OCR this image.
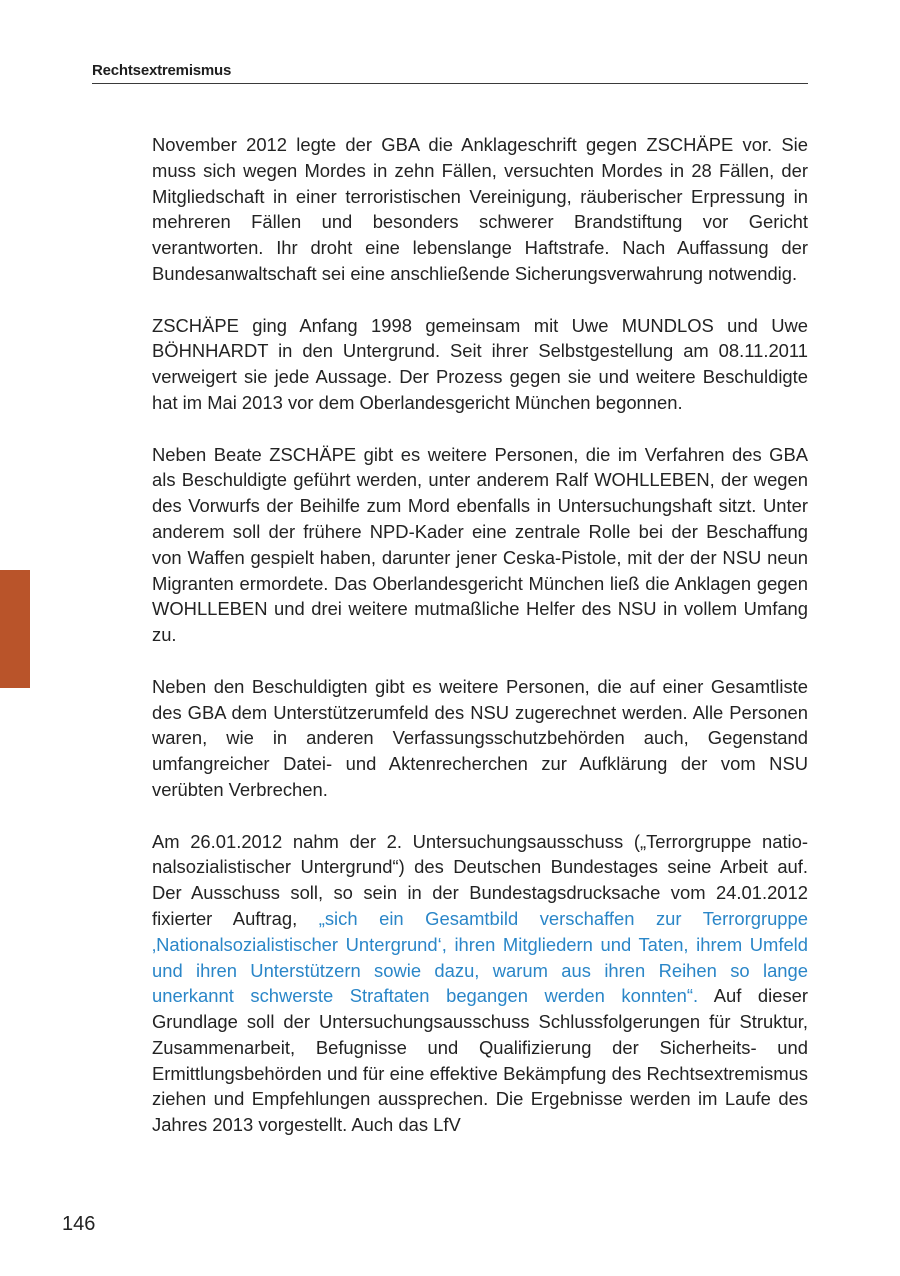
Rechtsextremismus

November 2012 legte der GBA die Anklageschrift gegen ZSCHÄPE vor. Sie muss sich wegen Mordes in zehn Fällen, versuchten Mordes in 28 Fällen, der Mitgliedschaft in einer terroristischen Vereinigung, räuberischer Erpressung in mehreren Fällen und besonders schwerer Brandstiftung vor Gericht verantworten. Ihr droht eine lebenslange Haftstrafe. Nach Auffassung der Bundesanwaltschaft sei eine anschließende Sicherungsverwahrung notwendig.

ZSCHÄPE ging Anfang 1998 gemeinsam mit Uwe MUNDLOS und Uwe BÖHNHARDT in den Untergrund. Seit ihrer Selbstgestellung am 08.11.2011 verweigert sie jede Aussage. Der Prozess gegen sie und weitere Beschuldigte hat im Mai 2013 vor dem Oberlandesgericht München begonnen.

Neben Beate ZSCHÄPE gibt es weitere Personen, die im Verfahren des GBA als Beschuldigte geführt werden, unter anderem Ralf WOHLLEBEN, der wegen des Vorwurfs der Beihilfe zum Mord ebenfalls in Untersuchungshaft sitzt. Unter anderem soll der frühere NPD-Kader eine zentrale Rolle bei der Beschaffung von Waffen gespielt haben, darunter jener Ceska-Pistole, mit der der NSU neun Migranten ermordete. Das Oberlandesgericht München ließ die Anklagen gegen WOHLLEBEN und drei weitere mutmaßliche Helfer des NSU in vollem Umfang zu.

Neben den Beschuldigten gibt es weitere Personen, die auf einer Gesamtliste des GBA dem Unterstützerumfeld des NSU zugerechnet werden. Alle Personen waren, wie in anderen Verfassungsschutzbehörden auch, Gegenstand umfangreicher Datei- und Aktenrecherchen zur Aufklärung der vom NSU verübten Verbrechen.

Am 26.01.2012 nahm der 2. Untersuchungsausschuss („Terrorgruppe nationalsozialistischer Untergrund“) des Deutschen Bundestages seine Arbeit auf. Der Ausschuss soll, so sein in der Bundestagsdrucksache vom 24.01.2012 fixierter Auftrag, „sich ein Gesamtbild verschaffen zur Terrorgruppe ‚Nationalsozialistischer Untergrund‘, ihren Mitgliedern und Taten, ihrem Umfeld und ihren Unterstützern sowie dazu, warum aus ihren Reihen so lange unerkannt schwerste Straftaten begangen werden konnten“. Auf dieser Grundlage soll der Untersuchungsausschuss Schlussfolgerungen für Struktur, Zusammenarbeit, Befugnisse und Qualifizierung der Sicherheits- und Ermittlungsbehörden und für eine effektive Bekämpfung des Rechtsextremismus ziehen und Empfehlungen aussprechen. Die Ergebnisse werden im Laufe des Jahres 2013 vorgestellt. Auch das LfV

146
